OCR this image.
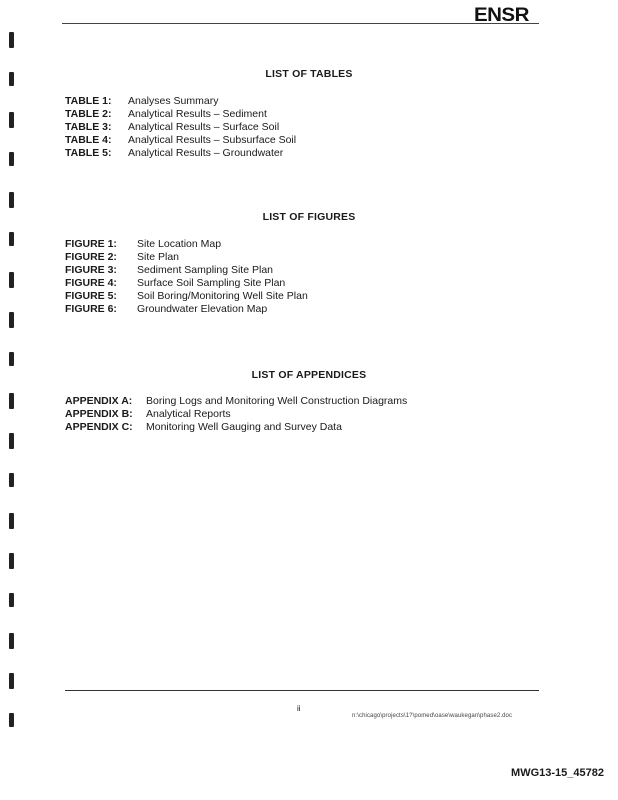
ENSR
LIST OF TABLES
TABLE 1: Analyses Summary
TABLE 2: Analytical Results – Sediment
TABLE 3: Analytical Results – Surface Soil
TABLE 4: Analytical Results – Subsurface Soil
TABLE 5: Analytical Results – Groundwater
LIST OF FIGURES
FIGURE 1: Site Location Map
FIGURE 2: Site Plan
FIGURE 3: Sediment Sampling Site Plan
FIGURE 4: Surface Soil Sampling Site Plan
FIGURE 5: Soil Boring/Monitoring Well Site Plan
FIGURE 6: Groundwater Elevation Map
LIST OF APPENDICES
APPENDIX A: Boring Logs and Monitoring Well Construction Diagrams
APPENDIX B: Analytical Reports
APPENDIX C: Monitoring Well Gauging and Survey Data
ii
n:\chicago\projects\1?\pomed\oase\waukegan\phase2.doc
MWG13-15_45782
